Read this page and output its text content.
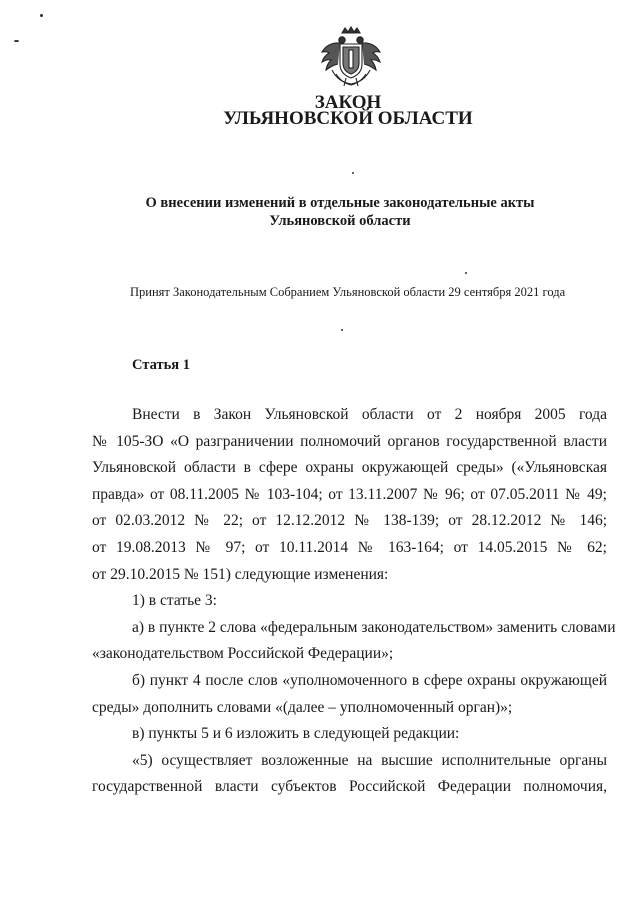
ЗАКОН
УЛЬЯНОВСКОЙ ОБЛАСТИ
О внесении изменений в отдельные законодательные акты
Ульяновской области
Принят Законодательным Собранием Ульяновской области 29 сентября 2021 года
Статья 1
Внести в Закон Ульяновской области от 2 ноября 2005 года
№ 105-ЗО «О разграничении полномочий органов государственной власти
Ульяновской области в сфере охраны окружающей среды» («Ульяновская
правда» от 08.11.2005 № 103-104; от 13.11.2007 № 96; от 07.05.2011 № 49;
от 02.03.2012 № 22; от 12.12.2012 № 138-139; от 28.12.2012 № 146;
от 19.08.2013 № 97; от 10.11.2014 № 163-164; от 14.05.2015 № 62;
от 29.10.2015 № 151) следующие изменения:
1) в статье 3:
а) в пункте 2 слова «федеральным законодательством» заменить словами
«законодательством Российской Федерации»;
б) пункт 4 после слов «уполномоченного в сфере охраны окружающей
среды» дополнить словами «(далее – уполномоченный орган)»;
в) пункты 5 и 6 изложить в следующей редакции:
«5) осуществляет возложенные на высшие исполнительные органы
государственной власти субъектов Российской Федерации полномочия,
